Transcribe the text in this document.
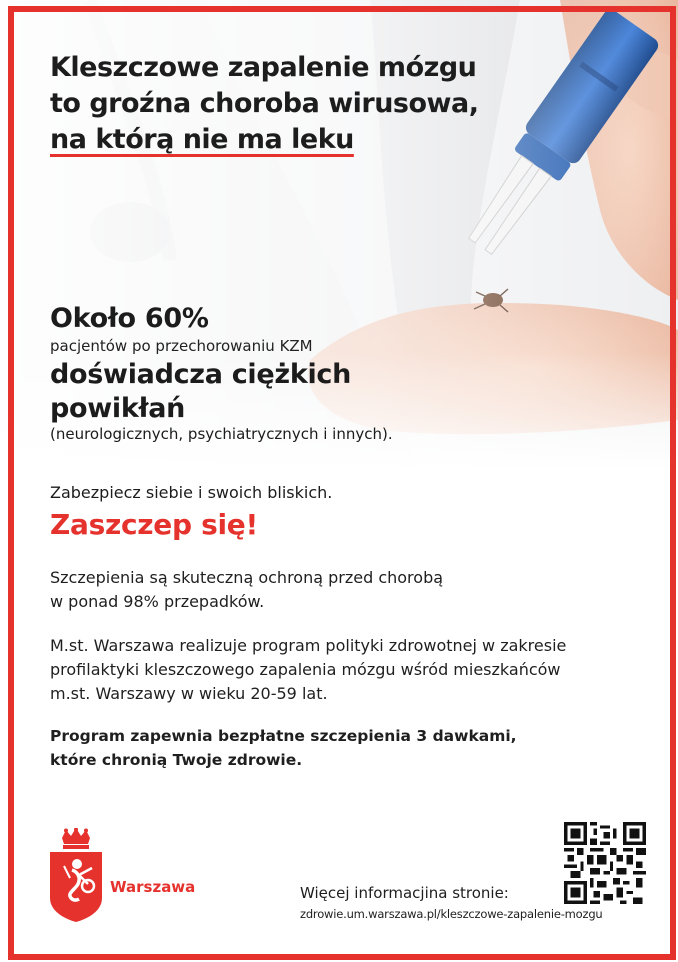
Kleszczowe zapalenie mózgu
to groźna choroba wirusowa,
na którą nie ma leku
Około 60%
pacjentów po przechorowaniu KZM
doświadcza ciężkich
powikłań
(neurologicznych, psychiatrycznych i innych).
Zabezpiecz siebie i swoich bliskich.
Zaszczep się!
Szczepienia są skuteczną ochroną przed chorobą
w ponad 98% przepadków.
M.st. Warszawa realizuje program polityki zdrowotnej w zakresie
profilaktyki kleszczowego zapalenia mózgu wśród mieszkańców
m.st. Warszawy w wieku 20-59 lat.
Program zapewnia bezpłatne szczepienia 3 dawkami,
które chronią Twoje zdrowie.
Warszawa	Więcej informacjina stronie:
zdrowie.um.warszawa.pl/kleszczowe-zapalenie-mozgu
